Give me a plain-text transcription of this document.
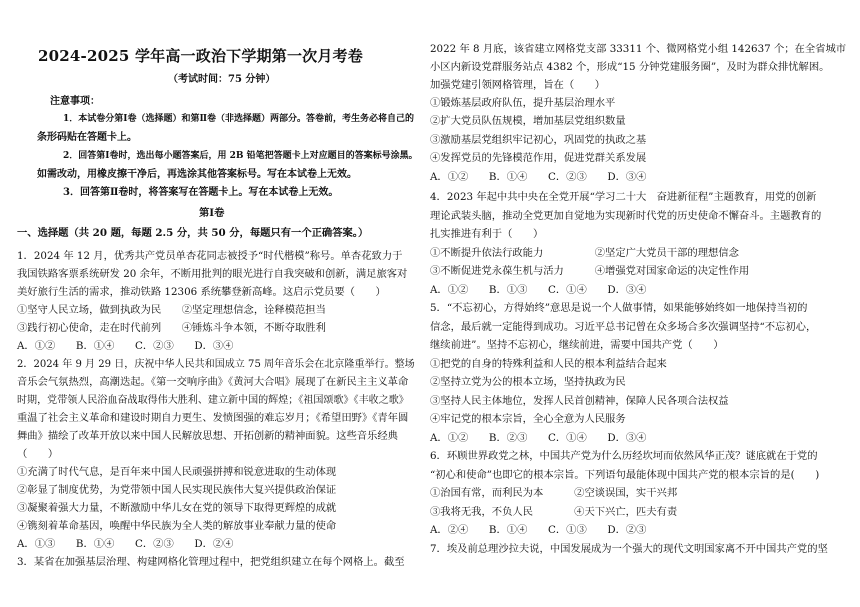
2024-2025 学年高一政治下学期第一次月考卷
（考试时间：75 分钟）
注意事项：
1．本试卷分第Ⅰ卷（选择题）和第Ⅱ卷（非选择题）两部分。答卷前，考生务必将自己的
条形码贴在答题卡上。
2．回答第Ⅰ卷时，选出每小题答案后，用 2B 铅笔把答题卡上对应题目的答案标号涂黑。
如需改动，用橡皮擦干净后，再选涂其他答案标号。写在本试卷上无效。
3．回答第Ⅱ卷时，将答案写在答题卡上。写在本试卷上无效。
第Ⅰ卷
一、选择题（共 20 题，每题 2.5 分，共 50 分，每题只有一个正确答案。）
1．2024 年 12 月，优秀共产党员单杏花同志被授予“时代楷模”称号。单杏花致力于
我国铁路客票系统研发 20 余年，不断用批判的眼光进行自我突破和创新，满足旅客对
美好旅行生活的需求，推动铁路 12306 系统攀登新高峰。这启示党员要（　　）
①坚守人民立场，做到执政为民　　②坚定理想信念，诠释模范担当
③践行初心使命，走在时代前列　　④锤炼斗争本领，不断夺取胜利
A．①②　　B．①④　　C．②③　　D．③④
2．2024 年 9 月 29 日，庆祝中华人民共和国成立 75 周年音乐会在北京隆重举行。整场
音乐会气氛热烈，高潮迭起。《第一交响序曲》《黄河大合唱》展现了在新民主主义革命
时期，党带领人民浴血奋战取得伟大胜利、建立新中国的辉煌；《祖国颂歌》《丰收之歌》
重温了社会主义革命和建设时期自力更生、发愤图强的难忘岁月；《希望田野》《青年圆
舞曲》描绘了改革开放以来中国人民解放思想、开拓创新的精神面貌。这些音乐经典
（　　）
①充满了时代气息，是百年来中国人民顽强拼搏和锐意进取的生动体现
②彰显了制度优势，为党带领中国人民实现民族伟大复兴提供政治保证
③凝聚着强大力量，不断激励中华儿女在党的领导下取得更辉煌的成就
④镌刻着革命基因，唤醒中华民族为全人类的解放事业奉献力量的使命
A．①③　　B．①④　　C．②③　　D．②④
3．某省在加强基层治理、构建网格化管理过程中，把党组织建立在每个网格上。截至
2022 年 8 月底，该省建立网格党支部 33311 个、微网格党小组 142637 个；在全省城市
小区内新设党群服务站点 4382 个，形成“15 分钟党建服务圈”，及时为群众排忧解困。
加强党建引领网格管理，旨在（　　）
①锻炼基层政府队伍，提升基层治理水平
②扩大党员队伍规模，增加基层党组织数量
③激励基层党组织牢记初心，巩固党的执政之基
④发挥党员的先锋模范作用，促进党群关系发展
A．①②　　B．①④　　C．②③　　D．③④
4．2023 年起中共中央在全党开展“学习二十大　奋进新征程”主题教育，用党的创新
理论武装头脑，推动全党更加自觉地为实现新时代党的历史使命不懈奋斗。主题教育的
扎实推进有利于（　　）
①不断提升依法行政能力　　　　　②坚定广大党员干部的理想信念
③不断促进党永葆生机与活力　　　④增强党对国家命运的决定性作用
A．①②　　B．①③　　C．①④　　D．③④
5．“不忘初心，方得始终”意思是说一个人做事情，如果能够始终如一地保持当初的
信念，最后就一定能得到成功。习近平总书记曾在众多场合多次强调坚持“不忘初心，
继续前进”。坚持不忘初心，继续前进，需要中国共产党（　　）
①把党的自身的特殊利益和人民的根本利益结合起来
②坚持立党为公的根本立场，坚持执政为民
③坚持人民主体地位，发挥人民首创精神，保障人民各项合法权益
④牢记党的根本宗旨，全心全意为人民服务
A．①②　　B．②③　　C．①④　　D．③④
6．环顾世界政党之林，中国共产党为什么历经坎坷而依然风华正茂？谜底就在于党的
“初心和使命”也即它的根本宗旨。下列语句最能体现中国共产党的根本宗旨的是(　　)
①治国有常，而利民为本　　　②空谈误国，实干兴邦
③我将无我，不负人民　　　　④天下兴亡，匹夫有责
A．②④　　B．①④　　C．①③　　D．②③
7．埃及前总理沙拉夫说，中国发展成为一个强大的现代文明国家离不开中国共产党的坚
